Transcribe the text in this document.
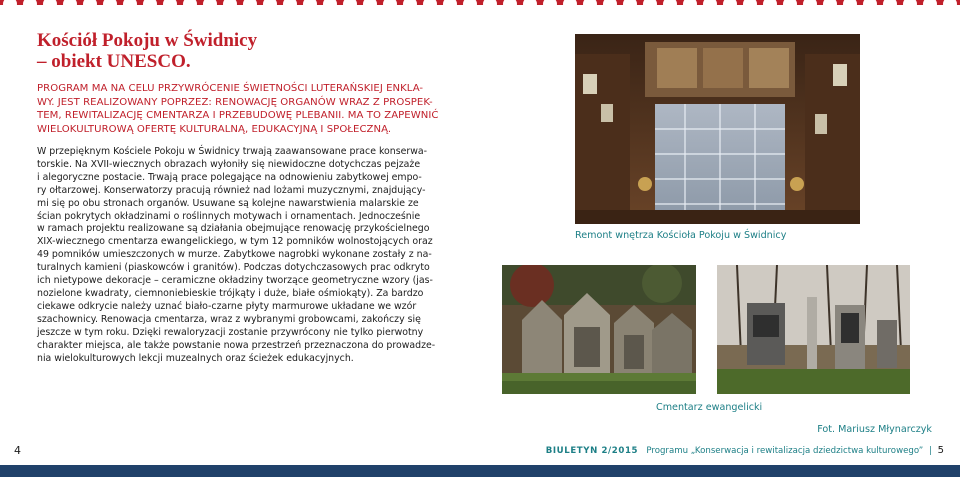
Kościół Pokoju w Świdnicy
– obiekt UNESCO.
PROGRAM MA NA CELU PRZYWRÓCENIE ŚWIETNOŚCI LUTERAŃSKIEJ ENKLA-
WY. JEST REALIZOWANY POPRZEZ: RENOWACJĘ ORGANÓW WRAZ Z PROSPEK-
TEM, REWITALIZACJĘ CMENTARZA I PRZEBUDOWĘ PLEBANII. MA TO ZAPEWNIĆ
WIELOKULTUROWĄ OFERTĘ KULTURALNĄ, EDUKACYJNĄ I SPOŁECZNĄ.
W przepięknym Kościele Pokoju w Świdnicy trwają zaawansowane prace konserwa-
torskie. Na XVII-wiecznych obrazach wyłoniły się niewidoczne dotychczas pejzaże
i alegoryczne postacie. Trwają prace polegające na odnowieniu zabytkowej empo-
ry ołtarzowej. Konserwatorzy pracują również nad lożami muzycznymi, znajdujący-
mi się po obu stronach organów. Usuwane są kolejne nawarstwienia malarskie ze
ścian pokrytych okładzinami o roślinnych motywach i ornamentach. Jednocześnie
w ramach projektu realizowane są działania obejmujące renowację przykościelnego
XIX-wiecznego cmentarza ewangelickiego, w tym 12 pomników wolnostojących oraz
49 pomników umieszczonych w murze. Zabytkowe nagrobki wykonane zostały z na-
turalnych kamieni (piaskowców i granitów). Podczas dotychczasowych prac odkryto
ich nietypowe dekoracje – ceramiczne okładziny tworzące geometryczne wzory (jas-
nozielone kwadraty, ciemnoniebieskie trójkąty i duże, białe ośmiokąty). Za bardzo
ciekawe odkrycie należy uznać biało-czarne płyty marmurowe układane we wzór
szachownicy. Renowacja cmentarza, wraz z wybranymi grobowcami, zakończy się
jeszcze w tym roku. Dzięki rewaloryzacji zostanie przywrócony nie tylko pierwotny
charakter miejsca, ale także powstanie nowa przestrzeń przeznaczona do prowadze-
nia wielokulturowych lekcji muzealnych oraz ścieżek edukacyjnych.
Remont wnętrza Kościoła Pokoju w Świdnicy
Cmentarz ewangelicki
Fot. Mariusz Młynarczyk
4	BIULETYN 2/2015 Programu „Konserwacja i rewitalizacja dziedzictwa kulturowego” | 5
